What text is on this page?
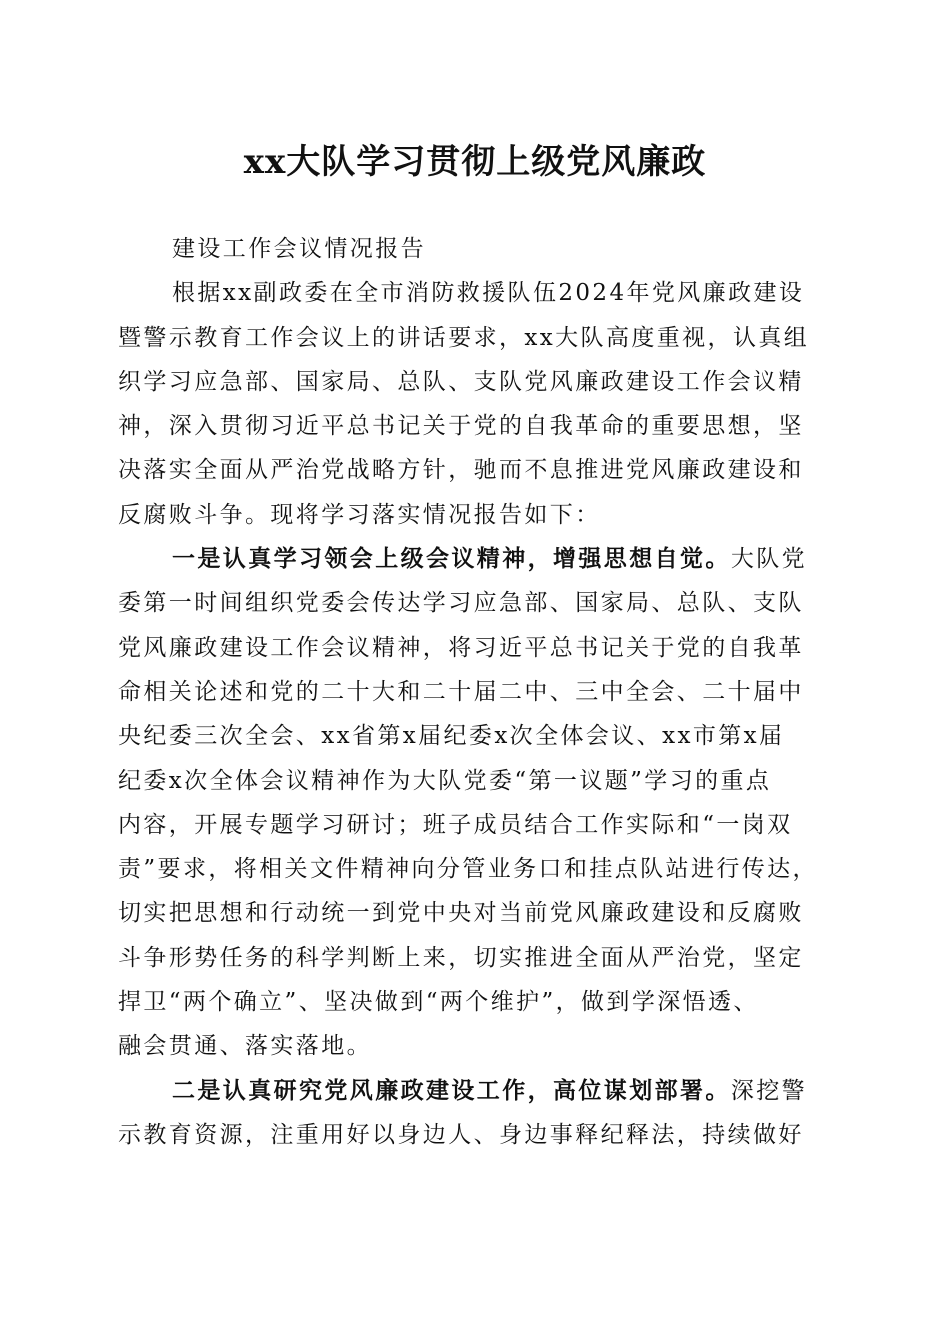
xx大队学习贯彻上级党风廉政
建设工作会议情况报告
根据xx副政委在全市消防救援队伍2024年党风廉政建设
暨警示教育工作会议上的讲话要求，xx大队高度重视，认真组
织学习应急部、国家局、总队、支队党风廉政建设工作会议精
神，深入贯彻习近平总书记关于党的自我革命的重要思想，坚
决落实全面从严治党战略方针，驰而不息推进党风廉政建设和
反腐败斗争。现将学习落实情况报告如下：
一是认真学习领会上级会议精神，增强思想自觉。大队党
委第一时间组织党委会传达学习应急部、国家局、总队、支队
党风廉政建设工作会议精神，将习近平总书记关于党的自我革
命相关论述和党的二十大和二十届二中、三中全会、二十届中
央纪委三次全会、xx省第x届纪委x次全体会议、xx市第x届
纪委x次全体会议精神作为大队党委“第一议题”学习的重点
内容，开展专题学习研讨；班子成员结合工作实际和“一岗双
责”要求，将相关文件精神向分管业务口和挂点队站进行传达，
切实把思想和行动统一到党中央对当前党风廉政建设和反腐败
斗争形势任务的科学判断上来，切实推进全面从严治党，坚定
捍卫“两个确立”、坚决做到“两个维护”，做到学深悟透、
融会贯通、落实落地。
二是认真研究党风廉政建设工作，高位谋划部署。深挖警
示教育资源，注重用好以身边人、身边事释纪释法，持续做好
